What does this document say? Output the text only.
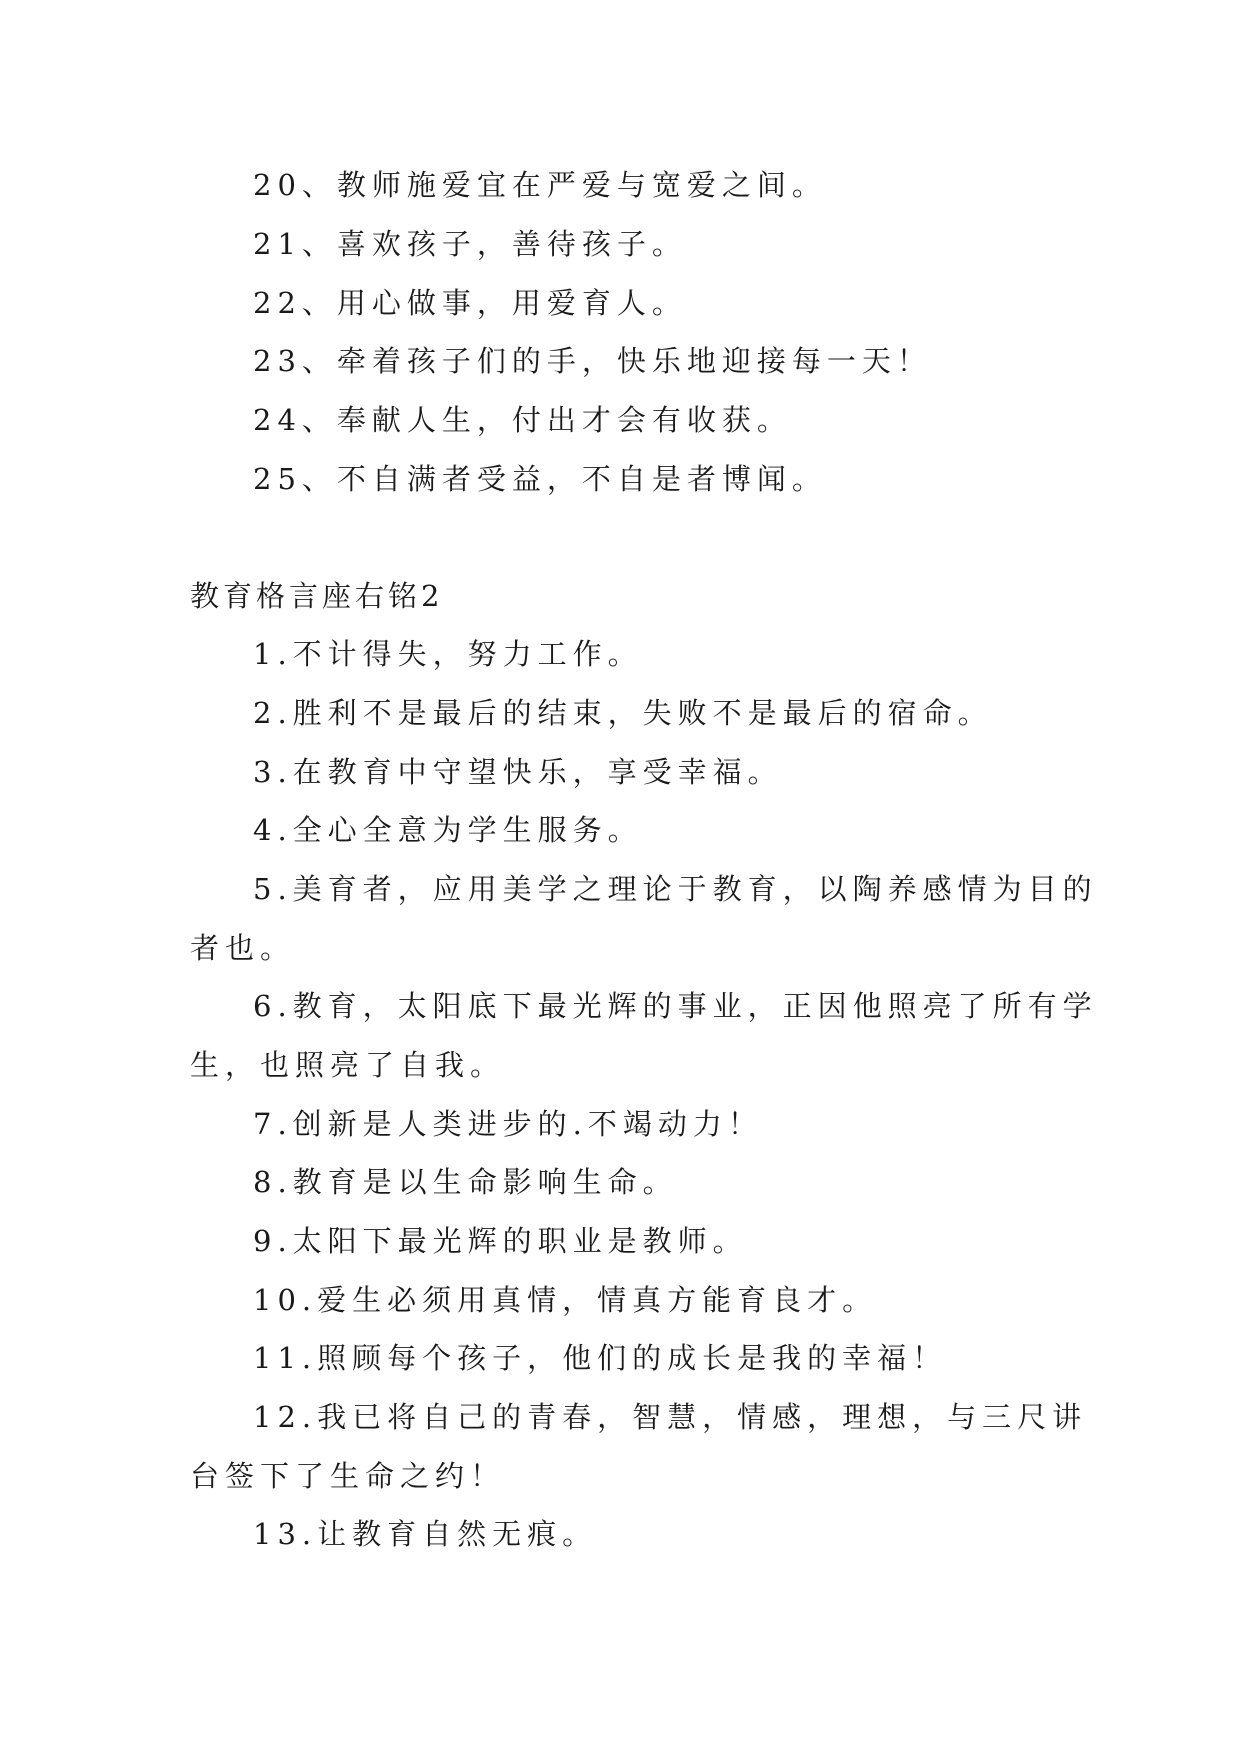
20、教师施爱宜在严爱与宽爱之间。
21、喜欢孩子，善待孩子。
22、用心做事，用爱育人。
23、牵着孩子们的手，快乐地迎接每一天！
24、奉献人生，付出才会有收获。
25、不自满者受益，不自是者博闻。
教育格言座右铭2
1.不计得失，努力工作。
2.胜利不是最后的结束，失败不是最后的宿命。
3.在教育中守望快乐，享受幸福。
4.全心全意为学生服务。
5.美育者，应用美学之理论于教育，以陶养感情为目的
者也。
6.教育，太阳底下最光辉的事业，正因他照亮了所有学
生，也照亮了自我。
7.创新是人类进步的.不竭动力！
8.教育是以生命影响生命。
9.太阳下最光辉的职业是教师。
10.爱生必须用真情，情真方能育良才。
11.照顾每个孩子，他们的成长是我的幸福！
12.我已将自己的青春，智慧，情感，理想，与三尺讲
台签下了生命之约！
13.让教育自然无痕。
